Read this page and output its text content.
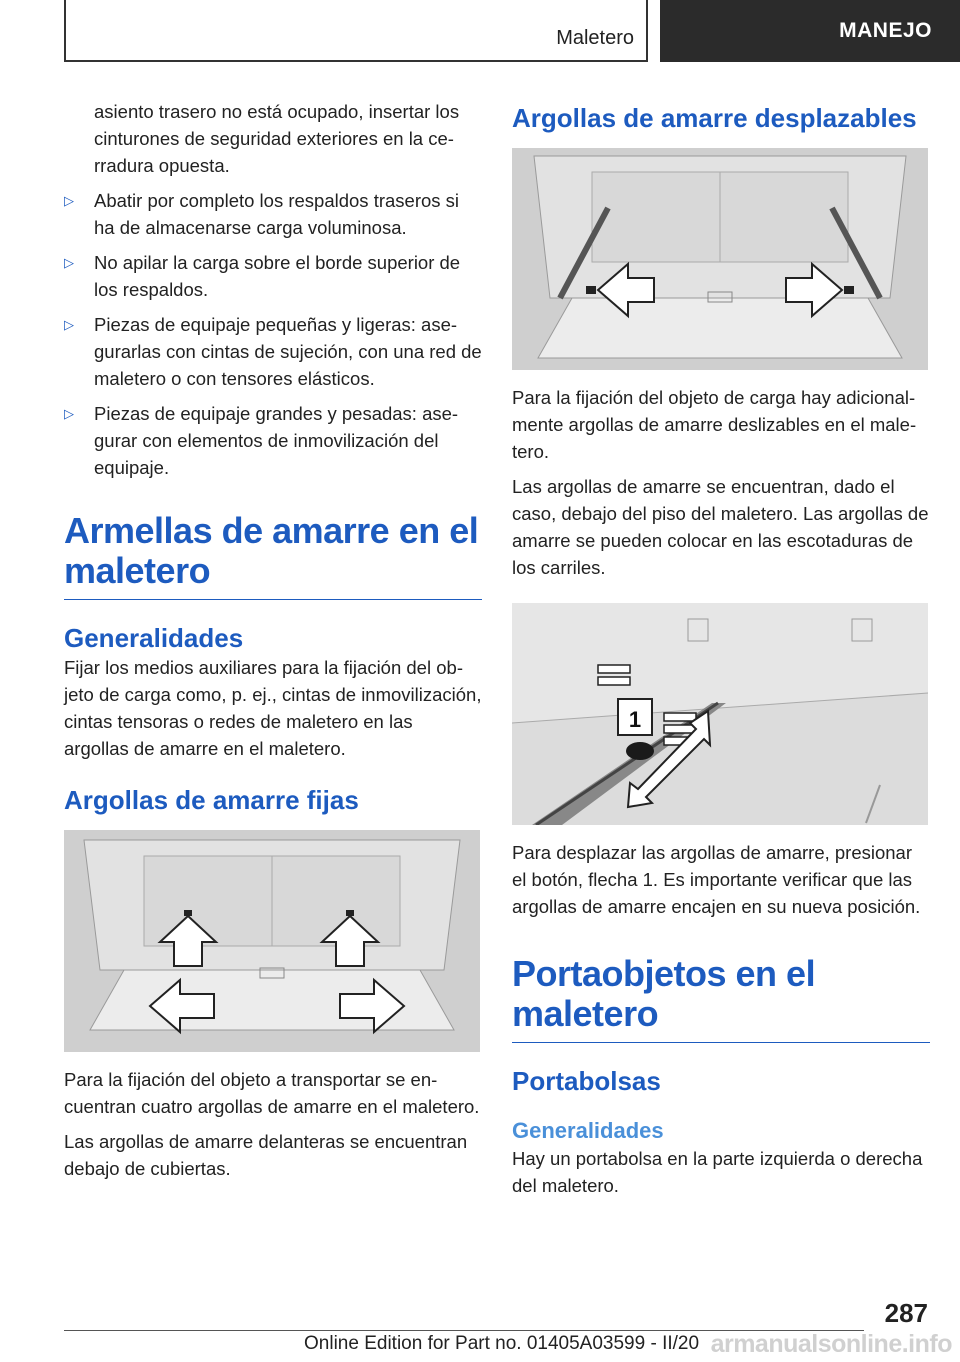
Maletero	MANEJO

asiento trasero no está ocupado, insertar los cinturones de seguridad exteriores en la cerradura opuesta.

▷ Abatir por completo los respaldos traseros si ha de almacenarse carga voluminosa.
▷ No apilar la carga sobre el borde superior de los respaldos.
▷ Piezas de equipaje pequeñas y ligeras: asegurarlas con cintas de sujeción, con una red de maletero o con tensores elásticos.
▷ Piezas de equipaje grandes y pesadas: asegurar con elementos de inmovilización del equipaje.
Armellas de amarre en el maletero
Generalidades

Fijar los medios auxiliares para la fijación del objeto de carga como, p. ej., cintas de inmovilización, cintas tensoras o redes de maletero en las argollas de amarre en el maletero.

Argollas de amarre fijas

Para la fijación del objeto a transportar se encuentran cuatro argollas de amarre en el maletero.

Las argollas de amarre delanteras se encuentran debajo de cubiertas.

Argollas de amarre desplazables

Para la fijación del objeto de carga hay adicionalmente argollas de amarre deslizables en el maletero.

Las argollas de amarre se encuentran, dado el caso, debajo del piso del maletero. Las argollas de amarre se pueden colocar en las escotaduras de los carriles.

1

Para desplazar las argollas de amarre, presionar el botón, flecha 1. Es importante verificar que las argollas de amarre encajen en su nueva posición.

Portaobjetos en el maletero
Portabolsas
Generalidades

Hay un portabolsa en la parte izquierda o derecha del maletero.

287
Online Edition for Part no. 01405A03599 - II/20 armanualsonline.info
